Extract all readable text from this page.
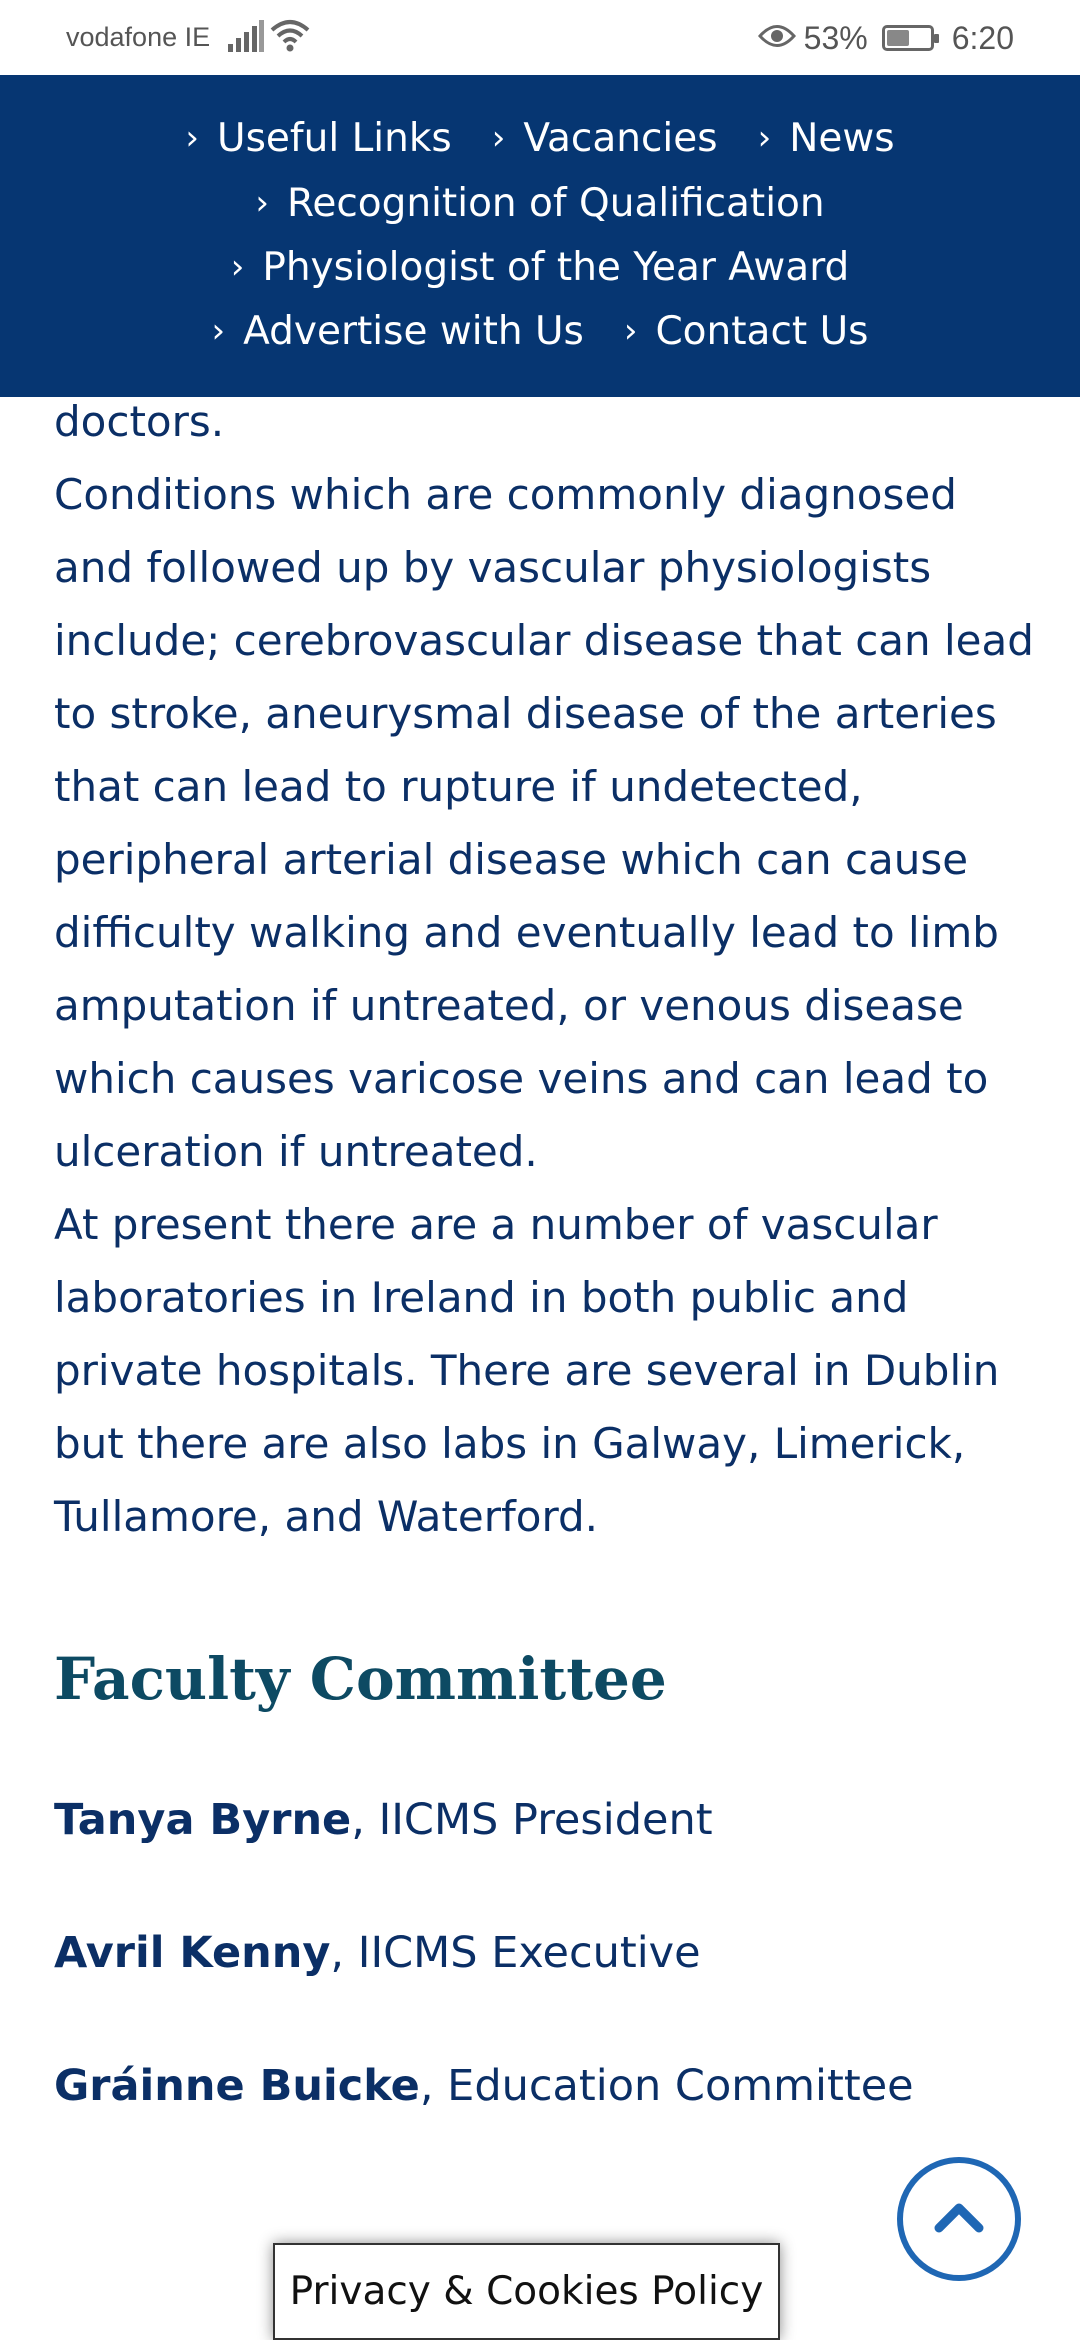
vodafone IE	53%	6:20
› Useful Links › Vacancies › News
› Recognition of Qualification
› Physiologist of the Year Award
› Advertise with Us › Contact Us

doctors.

Conditions which are commonly diagnosed and followed up by vascular physiologists include; cerebrovascular disease that can lead to stroke, aneurysmal disease of the arteries that can lead to rupture if undetected, peripheral arterial disease which can cause difficulty walking and eventually lead to limb amputation if untreated, or venous disease which causes varicose veins and can lead to ulceration if untreated.

At present there are a number of vascular laboratories in Ireland in both public and private hospitals. There are several in Dublin but there are also labs in Galway, Limerick, Tullamore, and Waterford.

Faculty Committee
Tanya Byrne, IICMS President
Avril Kenny, IICMS Executive
Gráinne Buicke, Education Committee
Privacy & Cookies Policy
